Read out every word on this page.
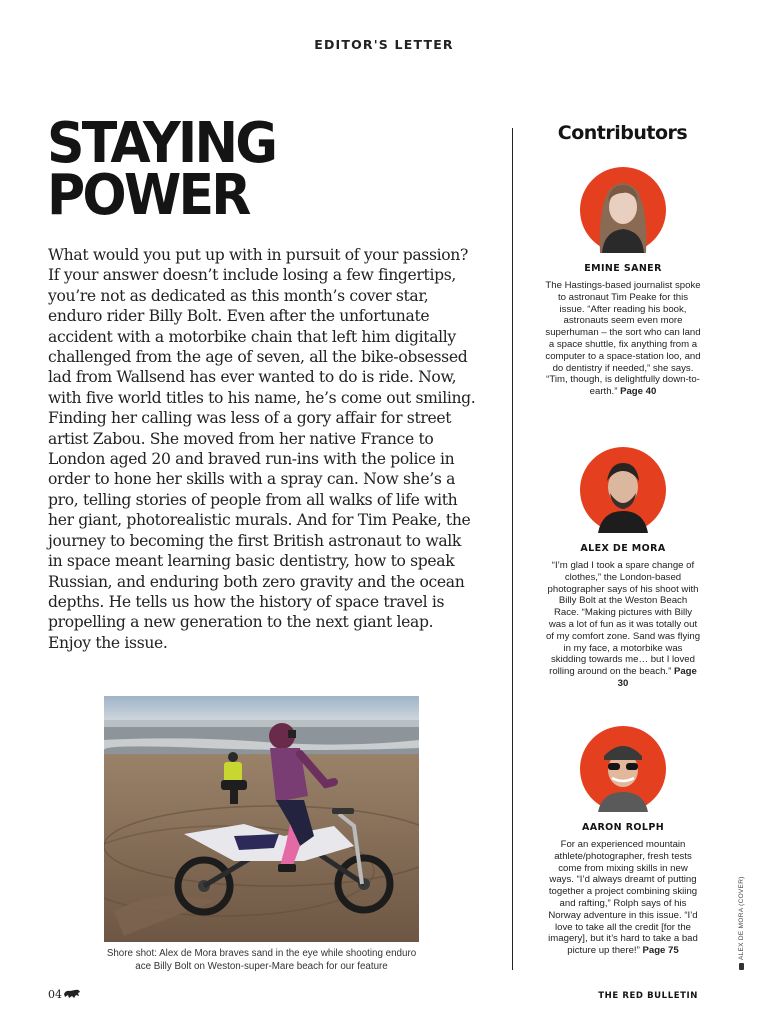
EDITOR'S LETTER
STAYING
POWER

What would you put up with in pursuit of your passion? If your answer doesn’t include losing a few fingertips, you’re not as dedicated as this month’s cover star, enduro rider Billy Bolt. Even after the unfortunate accident with a motorbike chain that left him digitally challenged from the age of seven, all the bike-obsessed lad from Wallsend has ever wanted to do is ride. Now, with five world titles to his name, he’s come out smiling. Finding her calling was less of a gory affair for street artist Zabou. She moved from her native France to London aged 20 and braved run-ins with the police in order to hone her skills with a spray can. Now she’s a pro, telling stories of people from all walks of life with her giant, photorealistic murals. And for Tim Peake, the journey to becoming the first British astronaut to walk in space meant learning basic dentistry, how to speak Russian, and enduring both zero gravity and the ocean depths. He tells us how the history of space travel is propelling a new generation to the next giant leap. Enjoy the issue.

Shore shot: Alex de Mora braves sand in the eye while shooting enduro ace Billy Bolt on Weston-super-Mare beach for our feature

Contributors
EMINE SANER

The Hastings-based journalist spoke to astronaut Tim Peake for this issue. “After reading his book, astronauts seem even more superhuman – the sort who can land a space shuttle, fix anything from a computer to a space-station loo, and do dentistry if needed,” she says. “Tim, though, is delightfully down-to-earth.” Page 40

ALEX DE MORA

“I’m glad I took a spare change of clothes,” the London-based photographer says of his shoot with Billy Bolt at the Weston Beach Race. “Making pictures with Billy was a lot of fun as it was totally out of my comfort zone. Sand was flying in my face, a motorbike was skidding towards me… but I loved rolling around on the beach.” Page 30

AARON ROLPH

For an experienced mountain athlete/photographer, fresh tests come from mixing skills in new ways. “I’d always dreamt of putting together a project combining skiing and rafting,” Rolph says of his Norway adventure in this issue. “I’d love to take all the credit [for the imagery], but it’s hard to take a bad picture up there!” Page 75	ALEX DE MORA (COVER)
04	THE RED BULLETIN
